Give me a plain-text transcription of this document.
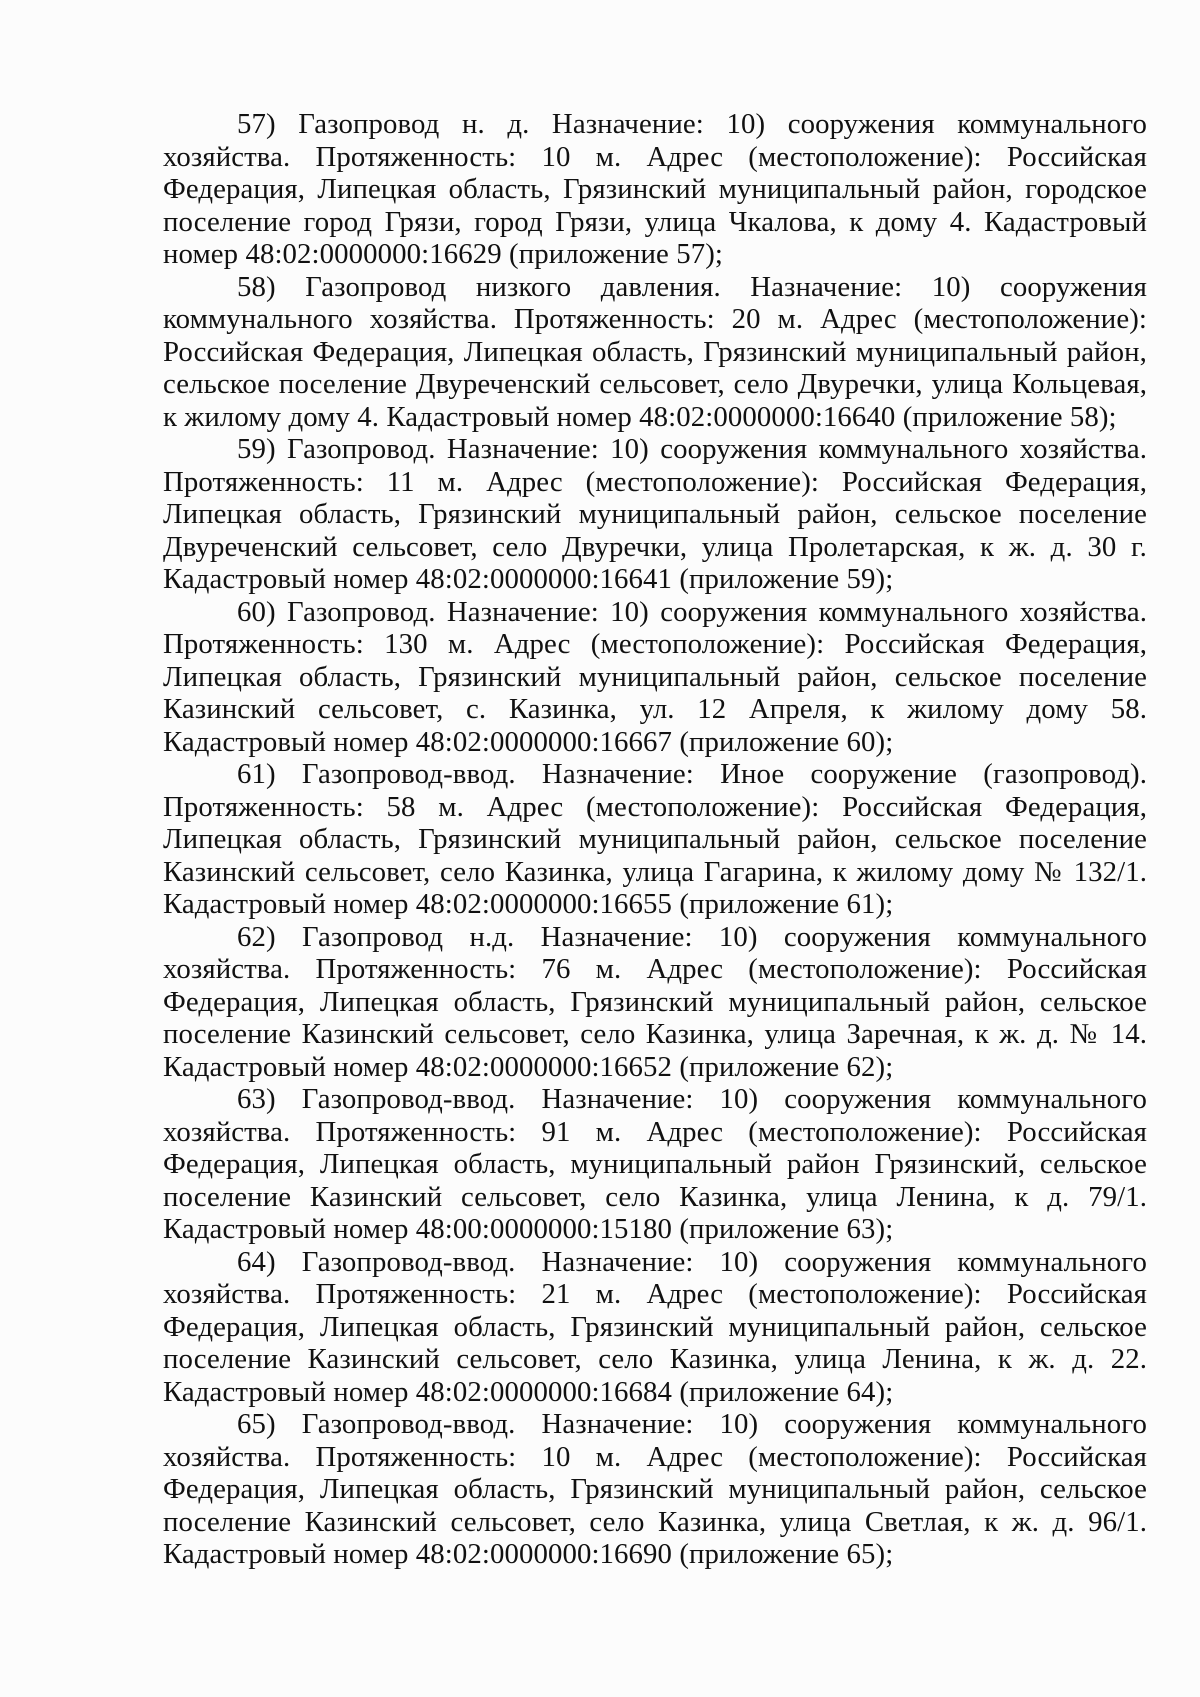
57) Газопровод н. д. Назначение: 10) сооружения коммунального хозяйства. Протяженность: 10 м. Адрес (местоположение): Российская Федерация, Липецкая область, Грязинский муниципальный район, городское поселение город Грязи, город Грязи, улица Чкалова, к дому 4. Кадастровый номер 48:02:0000000:16629 (приложение 57);

58) Газопровод низкого давления. Назначение: 10) сооружения коммунального хозяйства. Протяженность: 20 м. Адрес (местоположение): Российская Федерация, Липецкая область, Грязинский муниципальный район, сельское поселение Двуреченский сельсовет, село Двуречки, улица Кольцевая, к жилому дому 4. Кадастровый номер 48:02:0000000:16640 (приложение 58);

59) Газопровод. Назначение: 10) сооружения коммунального хозяйства. Протяженность: 11 м. Адрес (местоположение): Российская Федерация, Липецкая область, Грязинский муниципальный район, сельское поселение Двуреченский сельсовет, село Двуречки, улица Пролетарская, к ж. д. 30 г. Кадастровый номер 48:02:0000000:16641 (приложение 59);

60) Газопровод. Назначение: 10) сооружения коммунального хозяйства. Протяженность: 130 м. Адрес (местоположение): Российская Федерация, Липецкая область, Грязинский муниципальный район, сельское поселение Казинский сельсовет, с. Казинка, ул. 12 Апреля, к жилому дому 58. Кадастровый номер 48:02:0000000:16667 (приложение 60);

61) Газопровод-ввод. Назначение: Иное сооружение (газопровод). Протяженность: 58 м. Адрес (местоположение): Российская Федерация, Липецкая область, Грязинский муниципальный район, сельское поселение Казинский сельсовет, село Казинка, улица Гагарина, к жилому дому № 132/1. Кадастровый номер 48:02:0000000:16655 (приложение 61);

62) Газопровод н.д. Назначение: 10) сооружения коммунального хозяйства. Протяженность: 76 м. Адрес (местоположение): Российская Федерация, Липецкая область, Грязинский муниципальный район, сельское поселение Казинский сельсовет, село Казинка, улица Заречная, к ж. д. № 14. Кадастровый номер 48:02:0000000:16652 (приложение 62);

63) Газопровод-ввод. Назначение: 10) сооружения коммунального хозяйства. Протяженность: 91 м. Адрес (местоположение): Российская Федерация, Липецкая область, муниципальный район Грязинский, сельское поселение Казинский сельсовет, село Казинка, улица Ленина, к д. 79/1. Кадастровый номер 48:00:0000000:15180 (приложение 63);

64) Газопровод-ввод. Назначение: 10) сооружения коммунального хозяйства. Протяженность: 21 м. Адрес (местоположение): Российская Федерация, Липецкая область, Грязинский муниципальный район, сельское поселение Казинский сельсовет, село Казинка, улица Ленина, к ж. д. 22. Кадастровый номер 48:02:0000000:16684 (приложение 64);

65) Газопровод-ввод. Назначение: 10) сооружения коммунального хозяйства. Протяженность: 10 м. Адрес (местоположение): Российская Федерация, Липецкая область, Грязинский муниципальный район, сельское поселение Казинский сельсовет, село Казинка, улица Светлая, к ж. д. 96/1. Кадастровый номер 48:02:0000000:16690 (приложение 65);
